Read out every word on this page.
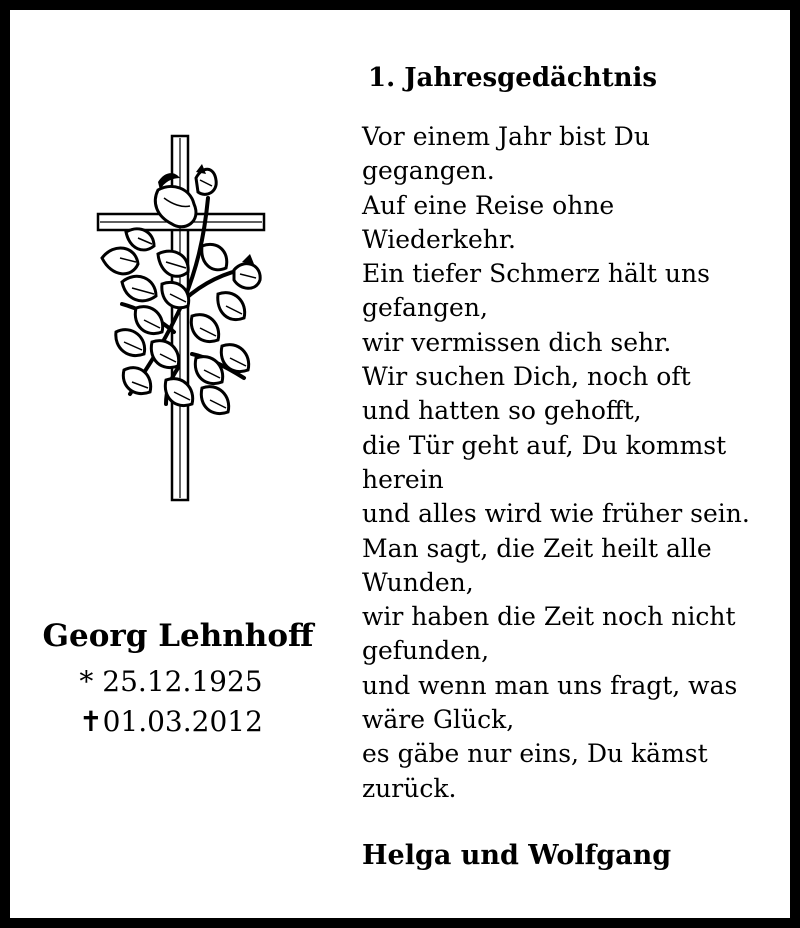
Georg Lehnhoff
* 25.12.1925
✝01.03.2012
1. Jahresgedächtnis
Vor einem Jahr bist Du
gegangen.
Auf eine Reise ohne
Wiederkehr.
Ein tiefer Schmerz hält uns
gefangen,
wir vermissen dich sehr.
Wir suchen Dich, noch oft
und hatten so gehofft,
die Tür geht auf, Du kommst
herein
und alles wird wie früher sein.
Man sagt, die Zeit heilt alle
Wunden,
wir haben die Zeit noch nicht
gefunden,
und wenn man uns fragt, was
wäre Glück,
es gäbe nur eins, Du kämst
zurück.
Helga und Wolfgang
